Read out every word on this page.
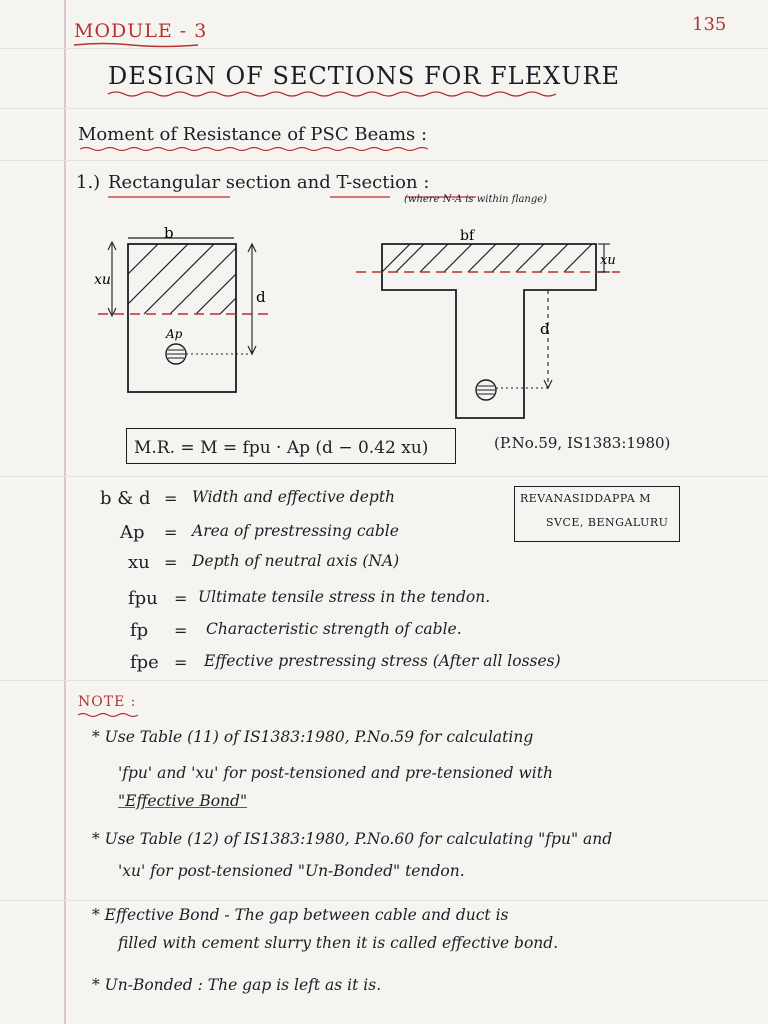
MODULE - 3	135
DESIGN OF SECTIONS FOR FLEXURE
Moment of Resistance of PSC Beams :
1.) Rectangular section and T-section :
(where N-A is within flange)
b
xu
d
Ap
bf
xu
d
M.R. = M = fpu · Ap (d − 0.42 xu)	(P.No.59, IS1383:1980)
REVANASIDDAPPA M
SVCE, BENGALURU
b & d = Width and effective depth
Ap = Area of prestressing cable
xu = Depth of neutral axis (NA)
fpu = Ultimate tensile stress in the tendon.
fp = Characteristic strength of cable.
fpe = Effective prestressing stress (After all losses)
NOTE :
* Use Table (11) of IS1383:1980, P.No.59 for calculating
'fpu' and 'xu' for post-tensioned and pre-tensioned with
"Effective Bond"
* Use Table (12) of IS1383:1980, P.No.60 for calculating "fpu" and
'xu' for post-tensioned "Un-Bonded" tendon.
* Effective Bond - The gap between cable and duct is
filled with cement slurry then it is called effective bond.
* Un-Bonded : The gap is left as it is.
